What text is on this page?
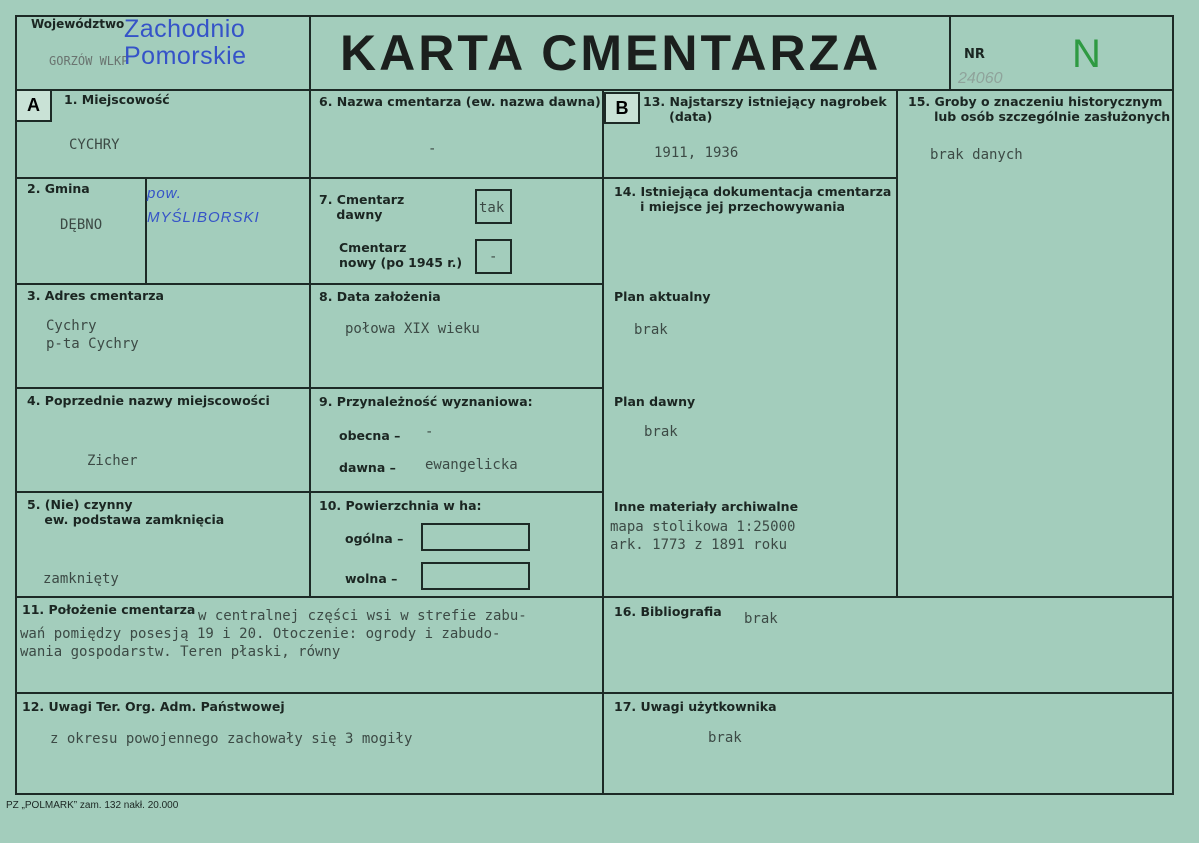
Województwo
GORZÓW WLKP
Zachodnio
Pomorskie KARTA CMENTARZA	NR N
24060
A	1. Miejscowość
CYCHRY
2. Gmina
DĘBNO
pow.
MYŚLIBORSKI
3. Adres cmentarza
Cychry
p-ta Cychry
4. Poprzednie nazwy miejscowości
Zicher
5. (Nie) czynny
ew. podstawa zamknięcia
zamknięty
6. Nazwa cmentarza (ew. nazwa dawna)
-
7. Cmentarz
dawny	tak
Cmentarz
nowy (po 1945 r.) -
8. Data założenia
połowa XIX wieku
9. Przynależność wyznaniowa:
obecna – -
dawna – ewangelicka
10. Powierzchnia w ha:
ogólna –
wolna –
B	13. Najstarszy istniejący nagrobek
(data)
1911, 1936
14. Istniejąca dokumentacja cmentarza
i miejsce jej przechowywania
Plan aktualny
brak
Plan dawny
brak
Inne materiały archiwalne
mapa stolikowa 1:25000
ark. 1773 z 1891 roku
15. Groby o znaczeniu historycznym
lub osób szczególnie zasłużonych
brak danych
11. Położenie cmentarza w centralnej części wsi w strefie zabu-
wań pomiędzy posesją 19 i 20. Otoczenie: ogrody i zabudo-
wania gospodarstw. Teren płaski, równy
16. Bibliografia brak
12. Uwagi Ter. Org. Adm. Państwowej
z okresu powojennego zachowały się 3 mogiły
17. Uwagi użytkownika
brak
PZ „POLMARK” zam. 132 nakł. 20.000
